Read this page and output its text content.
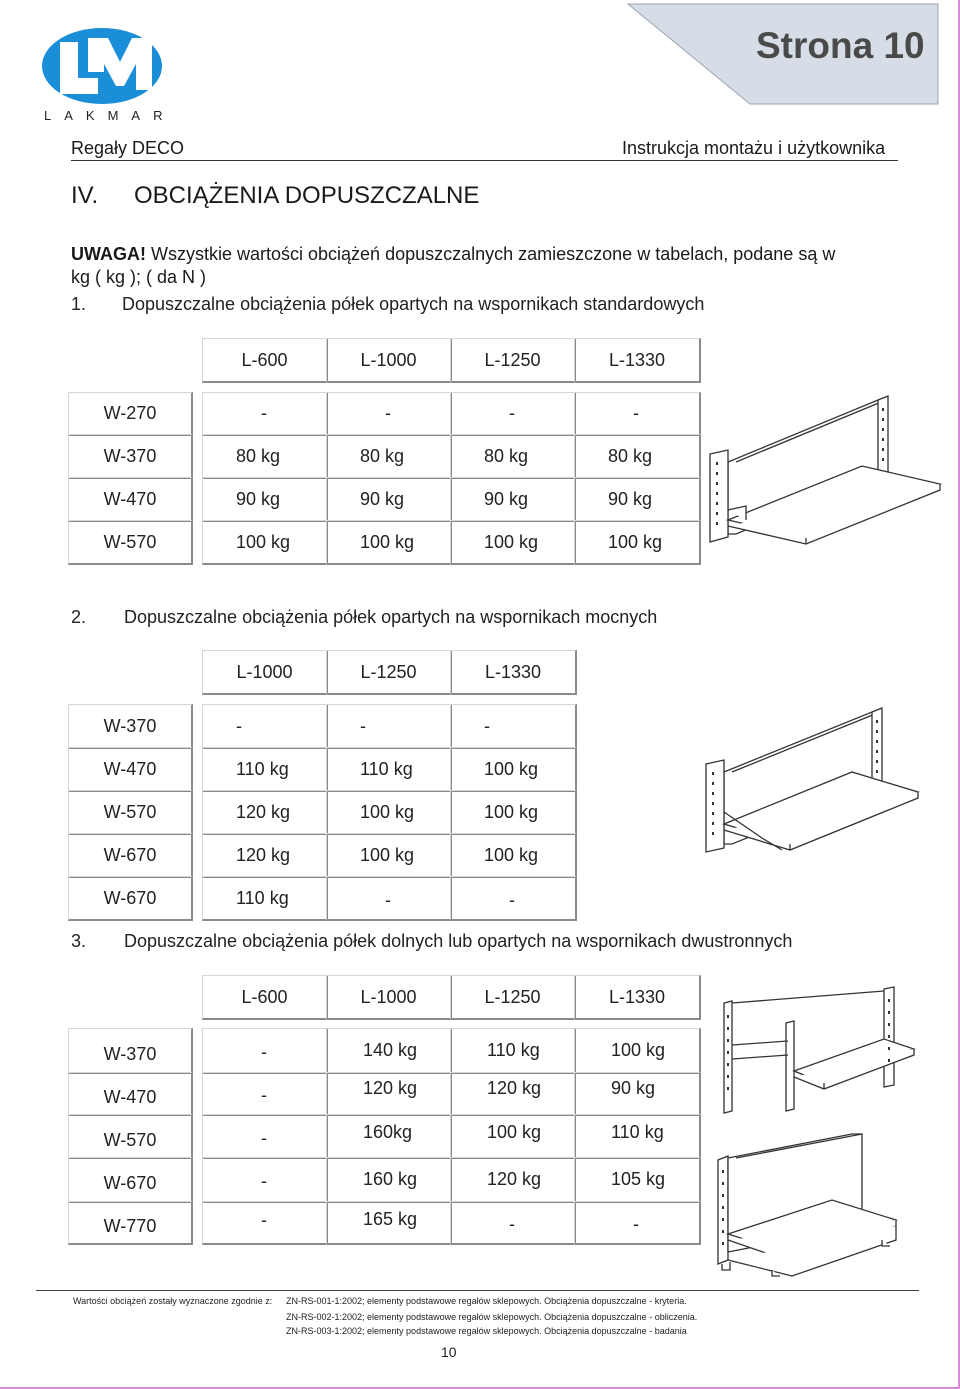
LAKMAR
Strona 10
Regały DECO	Instrukcja montażu i użytkownika
IV. OBCIĄŻENIA DOPUSZCZALNE
UWAGA! Wszystkie wartości obciążeń dopuszczalnych zamieszczone w tabelach, podane są w
kg ( kg ); ( da N )
1. Dopuszczalne obciążenia półek opartych na wspornikach standardowych
L-600	L-1000	L-1250	L-1330
W-270	-	-	-	-
W-370	80 kg	80 kg	80 kg	80 kg
W-470	90 kg	90 kg	90 kg	90 kg
W-570	100 kg	100 kg	100 kg	100 kg
2. Dopuszczalne obciążenia półek opartych na wspornikach mocnych
L-1000	L-1250	L-1330
W-370	-	-	-
W-470	110 kg	110 kg	100 kg
W-570	120 kg	100 kg	100 kg
W-670	120 kg	100 kg	100 kg
W-670	110 kg	-	-
3. Dopuszczalne obciążenia półek dolnych lub opartych na wspornikach dwustronnych
L-600	L-1000	L-1250	L-1330
W-370	-	140 kg	110 kg	100 kg
W-470	-	120 kg	120 kg	90 kg
W-570	-	160kg	100 kg	110 kg
W-670	-	160 kg	120 kg	105 kg
W-770	-	165 kg	-	-
Wartości obciążeń zostały wyznaczone zgodnie z: ZN-RS-001-1:2002; elementy podstawowe regałów sklepowych. Obciążenia dopuszczalne - kryteria.
ZN-RS-002-1:2002; elementy podstawowe regałów sklepowych. Obciążenia dopuszczalne - obliczenia.
ZN-RS-003-1:2002; elementy podstawowe regałów sklepowych. Obciążenia dopuszczalne - badania
10
